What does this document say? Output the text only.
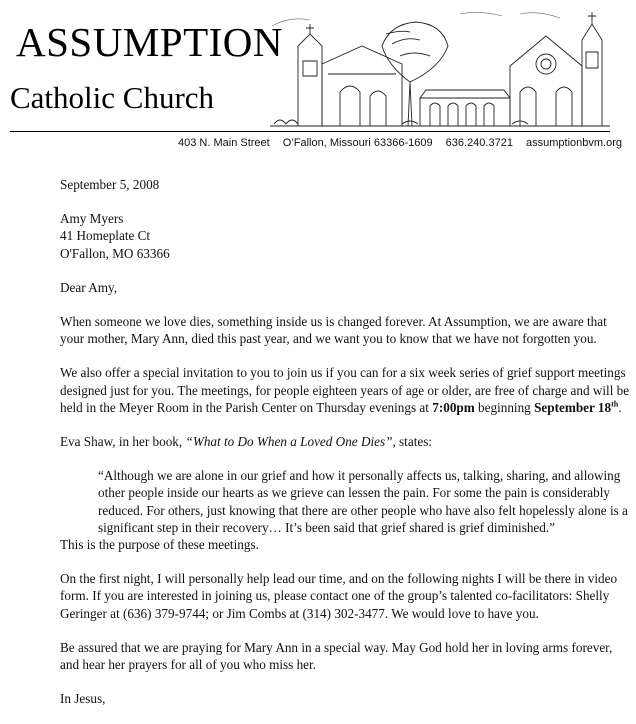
ASSUMPTION
Catholic Church
403 N. Main Street O’Fallon, Missouri 63366-1609 636.240.3721 assumptionbvm.org

September 5, 2008

Amy Myers
41 Homeplate Ct
O'Fallon, MO 63366

Dear Amy,

When someone we love dies, something inside us is changed forever. At Assumption, we are aware that your mother, Mary Ann, died this past year, and we want you to know that we have not forgotten you.

We also offer a special invitation to you to join us if you can for a six week series of grief support meetings designed just for you. The meetings, for people eighteen years of age or older, are free of charge and will be held in the Meyer Room in the Parish Center on Thursday evenings at 7:00pm beginning September 18th.

Eva Shaw, in her book, “What to Do When a Loved One Dies”, states:

“Although we are alone in our grief and how it personally affects us, talking, sharing, and allowing other people inside our hearts as we grieve can lessen the pain. For some the pain is considerably reduced. For others, just knowing that there are other people who have also felt hopelessly alone is a significant step in their recovery… It’s been said that grief shared is grief diminished.”

This is the purpose of these meetings.

On the first night, I will personally help lead our time, and on the following nights I will be there in video form. If you are interested in joining us, please contact one of the group’s talented co-facilitators: Shelly Geringer at (636) 379-9744; or Jim Combs at (314) 302-3477. We would love to have you.

Be assured that we are praying for Mary Ann in a special way. May God hold her in loving arms forever, and hear her prayers for all of you who miss her.

In Jesus,
